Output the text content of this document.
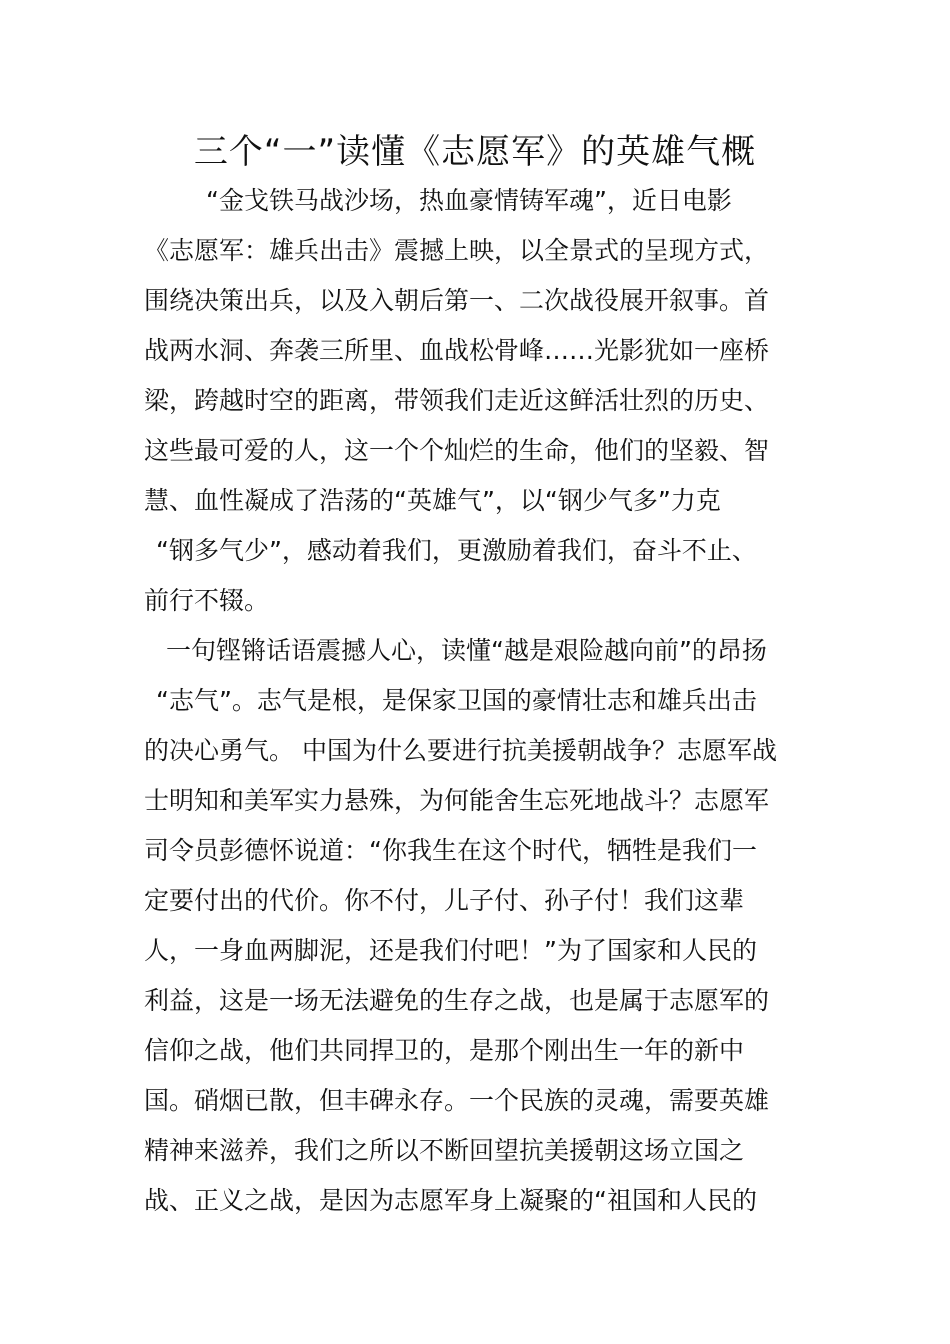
三个“一”读懂《志愿军》的英雄气概
“金戈铁马战沙场，热血豪情铸军魂”，近日电影
《志愿军：雄兵出击》震撼上映，以全景式的呈现方式，
围绕决策出兵，以及入朝后第一、二次战役展开叙事。首
战两水洞、奔袭三所里、血战松骨峰……光影犹如一座桥
梁，跨越时空的距离，带领我们走近这鲜活壮烈的历史、
这些最可爱的人，这一个个灿烂的生命，他们的坚毅、智
慧、血性凝成了浩荡的“英雄气”，以“钢少气多”力克
“钢多气少”，感动着我们，更激励着我们，奋斗不止、
前行不辍。
一句铿锵话语震撼人心，读懂“越是艰险越向前”的昂扬
“志气”。志气是根，是保家卫国的豪情壮志和雄兵出击
的决心勇气。 中国为什么要进行抗美援朝战争？志愿军战
士明知和美军实力悬殊，为何能舍生忘死地战斗？志愿军
司令员彭德怀说道：“你我生在这个时代，牺牲是我们一
定要付出的代价。你不付，儿子付、孙子付！我们这辈
人，一身血两脚泥，还是我们付吧！”为了国家和人民的
利益，这是一场无法避免的生存之战，也是属于志愿军的
信仰之战，他们共同捍卫的，是那个刚出生一年的新中
国。硝烟已散，但丰碑永存。一个民族的灵魂，需要英雄
精神来滋养，我们之所以不断回望抗美援朝这场立国之
战、正义之战，是因为志愿军身上凝聚的“祖国和人民的
